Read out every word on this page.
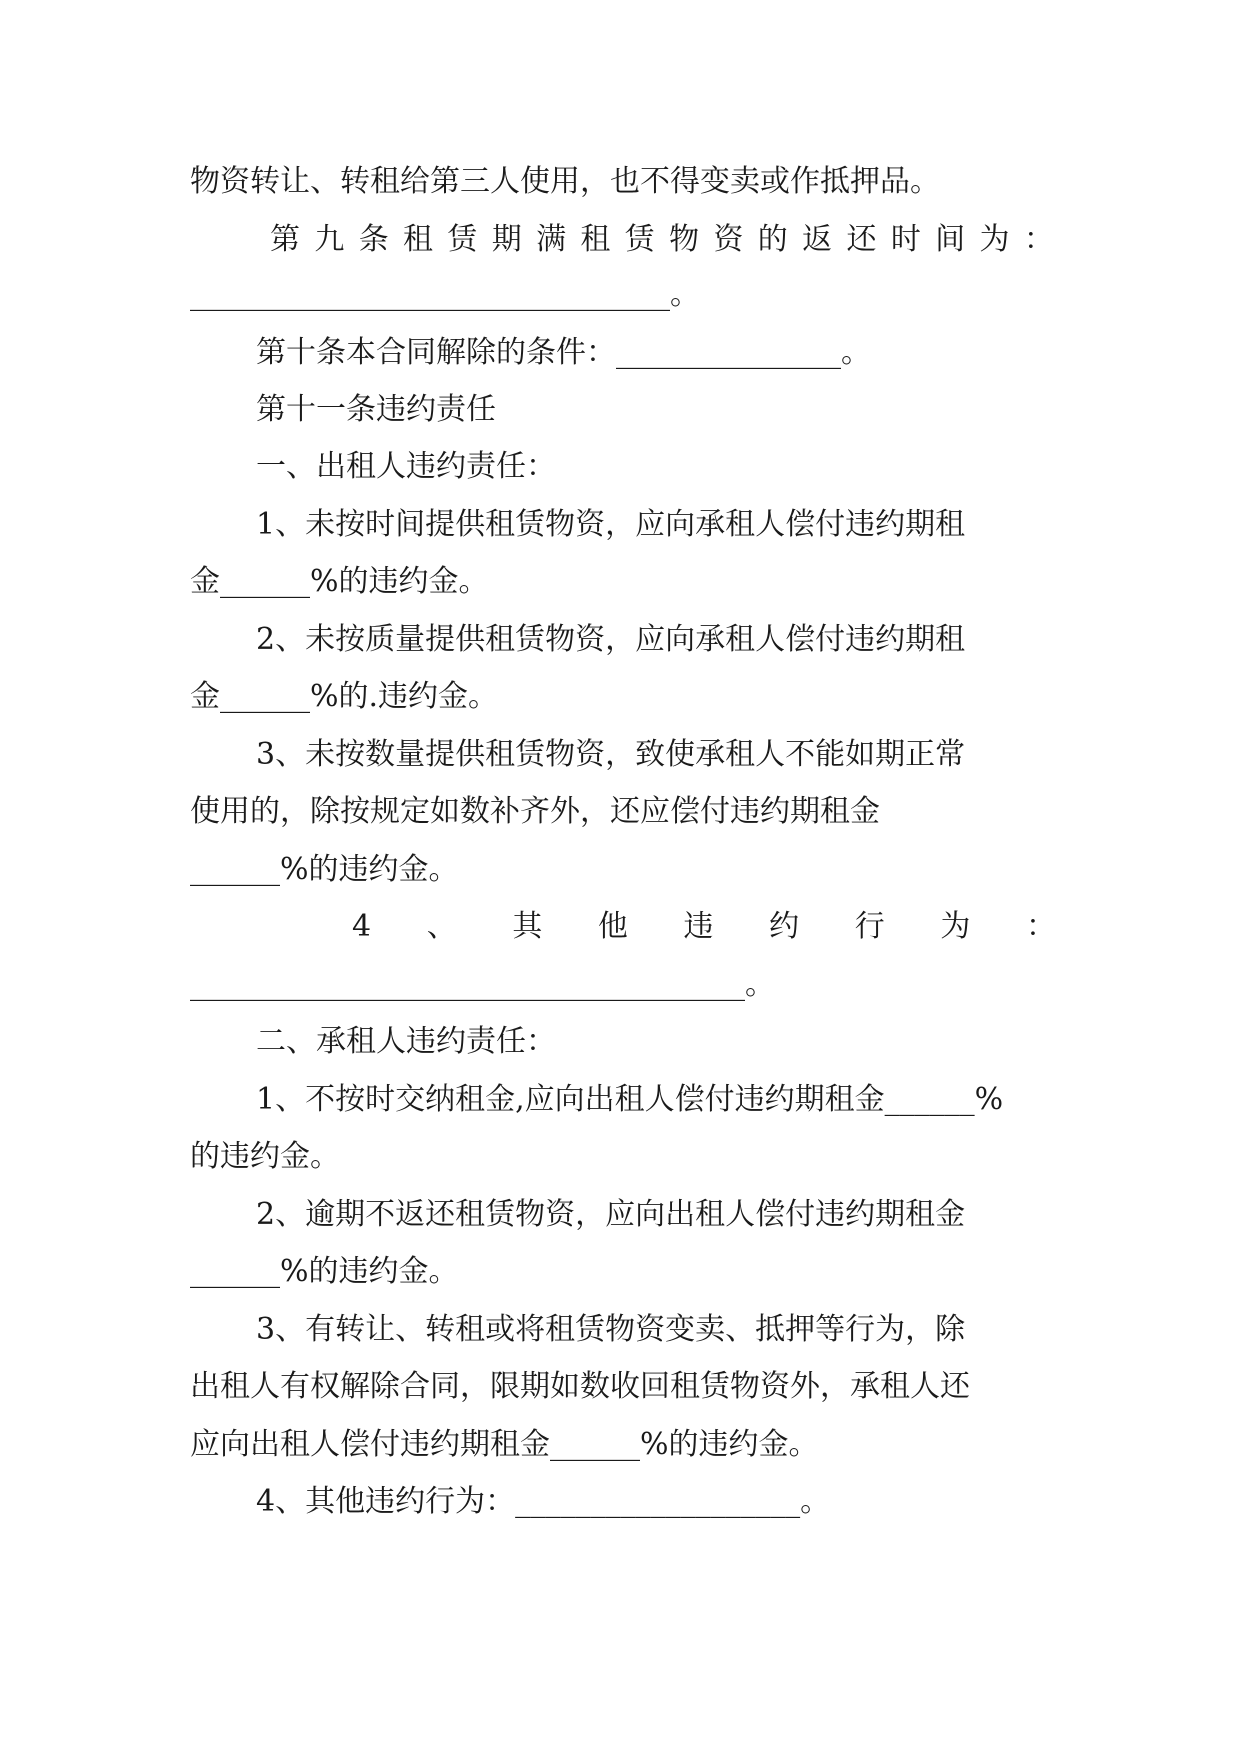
物资转让、转租给第三人使用，也不得变卖或作抵押品。
第 九 条 租 赁 期 满 租 赁 物 资 的 返 还 时 间 为 ：
________________________________。
第十条本合同解除的条件：_______________。
第十一条违约责任
一、出租人违约责任：
1、未按时间提供租赁物资，应向承租人偿付违约期租
金______%的违约金。
2、未按质量提供租赁物资，应向承租人偿付违约期租
金______%的.违约金。
3、未按数量提供租赁物资，致使承租人不能如期正常
使用的，除按规定如数补齐外，还应偿付违约期租金
______%的违约金。
4 、 其 他 违 约 行 为 ：
_____________________________________。
二、承租人违约责任：
1、不按时交纳租金,应向出租人偿付违约期租金______%
的违约金。
2、逾期不返还租赁物资，应向出租人偿付违约期租金
______%的违约金。
3、有转让、转租或将租赁物资变卖、抵押等行为，除
出租人有权解除合同，限期如数收回租赁物资外，承租人还
应向出租人偿付违约期租金______%的违约金。
4、其他违约行为：___________________。
